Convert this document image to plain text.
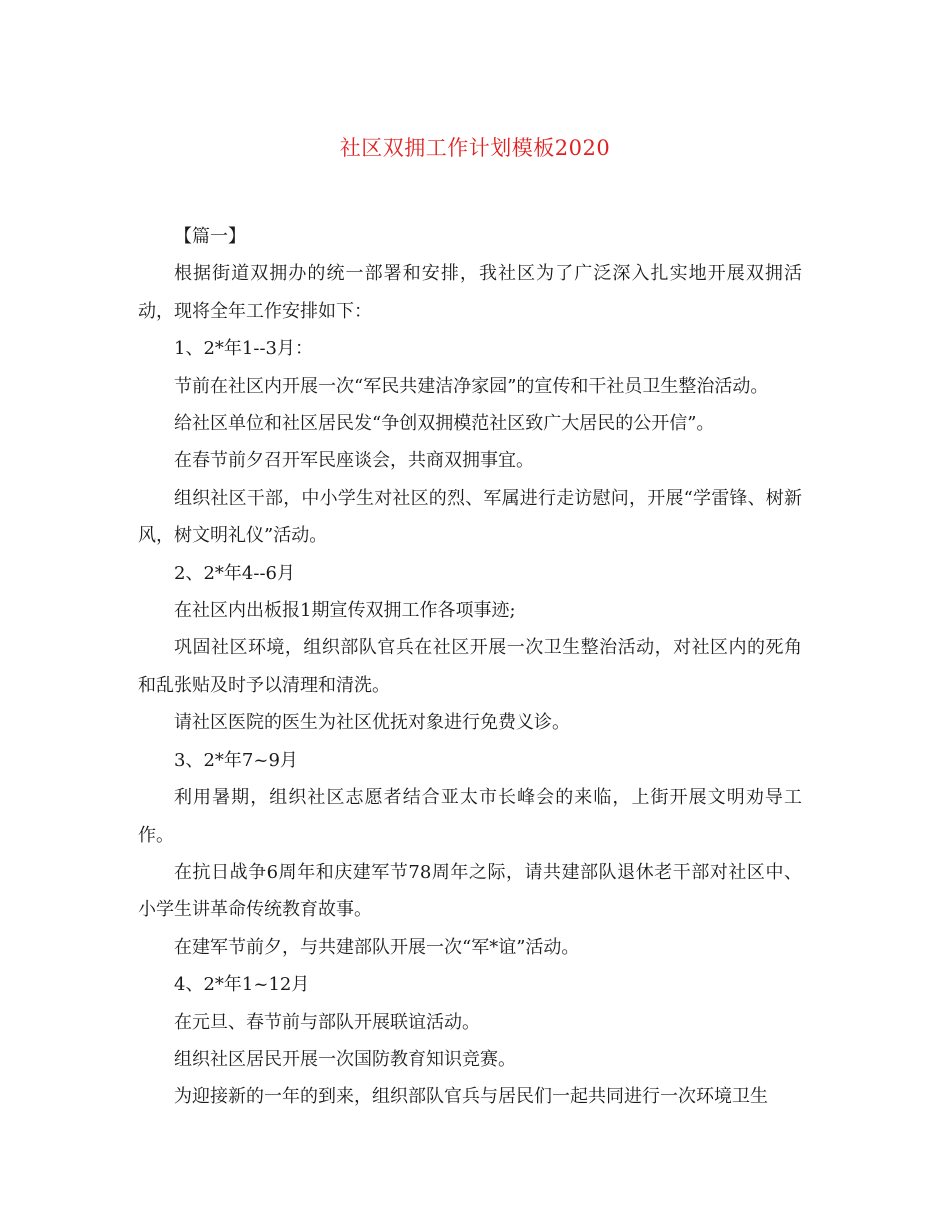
社区双拥工作计划模板2020

【篇一】

根据街道双拥办的统一部署和安排，我社区为了广泛深入扎实地开展双拥活动，现将全年工作安排如下：

1、2*年1--3月：

节前在社区内开展一次“军民共建洁净家园”的宣传和干社员卫生整治活动。

给社区单位和社区居民发“争创双拥模范社区致广大居民的公开信”。

在春节前夕召开军民座谈会，共商双拥事宜。

组织社区干部，中小学生对社区的烈、军属进行走访慰问，开展“学雷锋、树新风，树文明礼仪”活动。

2、2*年4--6月

在社区内出板报1期宣传双拥工作各项事迹;

巩固社区环境，组织部队官兵在社区开展一次卫生整治活动，对社区内的死角和乱张贴及时予以清理和清洗。

请社区医院的医生为社区优抚对象进行免费义诊。

3、2*年7~9月

利用暑期，组织社区志愿者结合亚太市长峰会的来临，上街开展文明劝导工作。

在抗日战争6周年和庆建军节78周年之际，请共建部队退休老干部对社区中、小学生讲革命传统教育故事。

在建军节前夕，与共建部队开展一次“军*谊”活动。

4、2*年1~12月

在元旦、春节前与部队开展联谊活动。

组织社区居民开展一次国防教育知识竞赛。

为迎接新的一年的到来，组织部队官兵与居民们一起共同进行一次环境卫生
